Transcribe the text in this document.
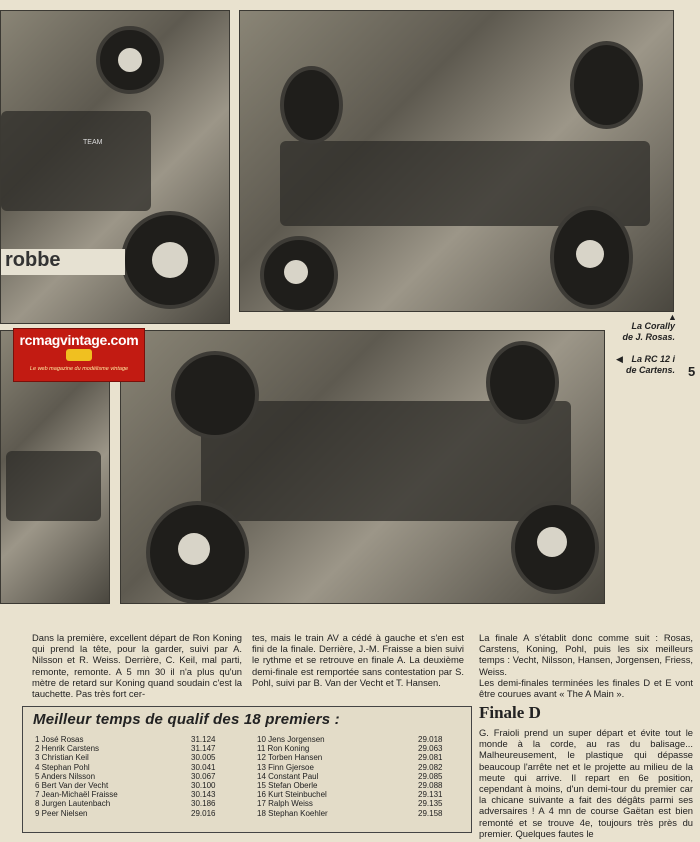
robbe
TEAM
rcmagvintage.com
Le web magazine du modélisme vintage
▲
La Corally
de J. Rosas.
◀ La RC 12 i
de Cartens. 5
Dans la première, excellent départ de Ron Koning qui prend la tête, pour la garder, suivi par A. Nilsson et R. Weiss. Derrière, C. Keil, mal parti, remonte, remonte. A 5 mn 30 il n'a plus qu'un mètre de retard sur Koning quand soudain c'est la tauchette. Pas très fort cer-
tes, mais le train AV a cédé à gauche et s'en est fini de la finale. Derrière, J.-M. Fraisse a bien suivi le rythme et se retrouve en finale A. La deuxième demi-finale est remportée sans contestation par S. Pohl, suivi par B. Van der Vecht et T. Hansen.
La finale A s'établit donc comme suit : Rosas, Carstens, Koning, Pohl, puis les six meilleurs temps : Vecht, Nilsson, Hansen, Jorgensen, Friess, Weiss.
Les demi-finales terminées les finales D et E vont être courues avant « The A Main ».
Finale D
G. Fraioli prend un super départ et évite tout le monde à la corde, au ras du balisage... Malheureusement, le plastique qui dépasse beaucoup l'arrête net et le projette au milieu de la meute qui arrive. Il repart en 6e position, cependant à moins, d'un demi-tour du premier car la chicane suivante a fait des dégâts parmi ses adversaires ! A 4 mn de course Gaëtan est bien remonté et se trouve 4e, toujours très près du premier. Quelques fautes le
Meilleur temps de qualif des 18 premiers :
1 José Rosas
2 Henrik Carstens
3 Christian Keil
4 Stephan Pohl
5 Anders Nilsson
6 Bert Van der Vecht
7 Jean-Michaël Fraisse
8 Jurgen Lautenbach
9 Peer Nielsen
31.124
31.147
30.005
30.041
30.067
30.100
30.143
30.186
29.016
10 Jens Jorgensen
11 Ron Koning
12 Torben Hansen
13 Finn Gjersoe
14 Constant Paul
15 Stefan Oberle
16 Kurt Steinbuchel
17 Ralph Weiss
18 Stephan Koehler
29.018
29.063
29.081
29.082
29.085
29.088
29.131
29.135
29.158
